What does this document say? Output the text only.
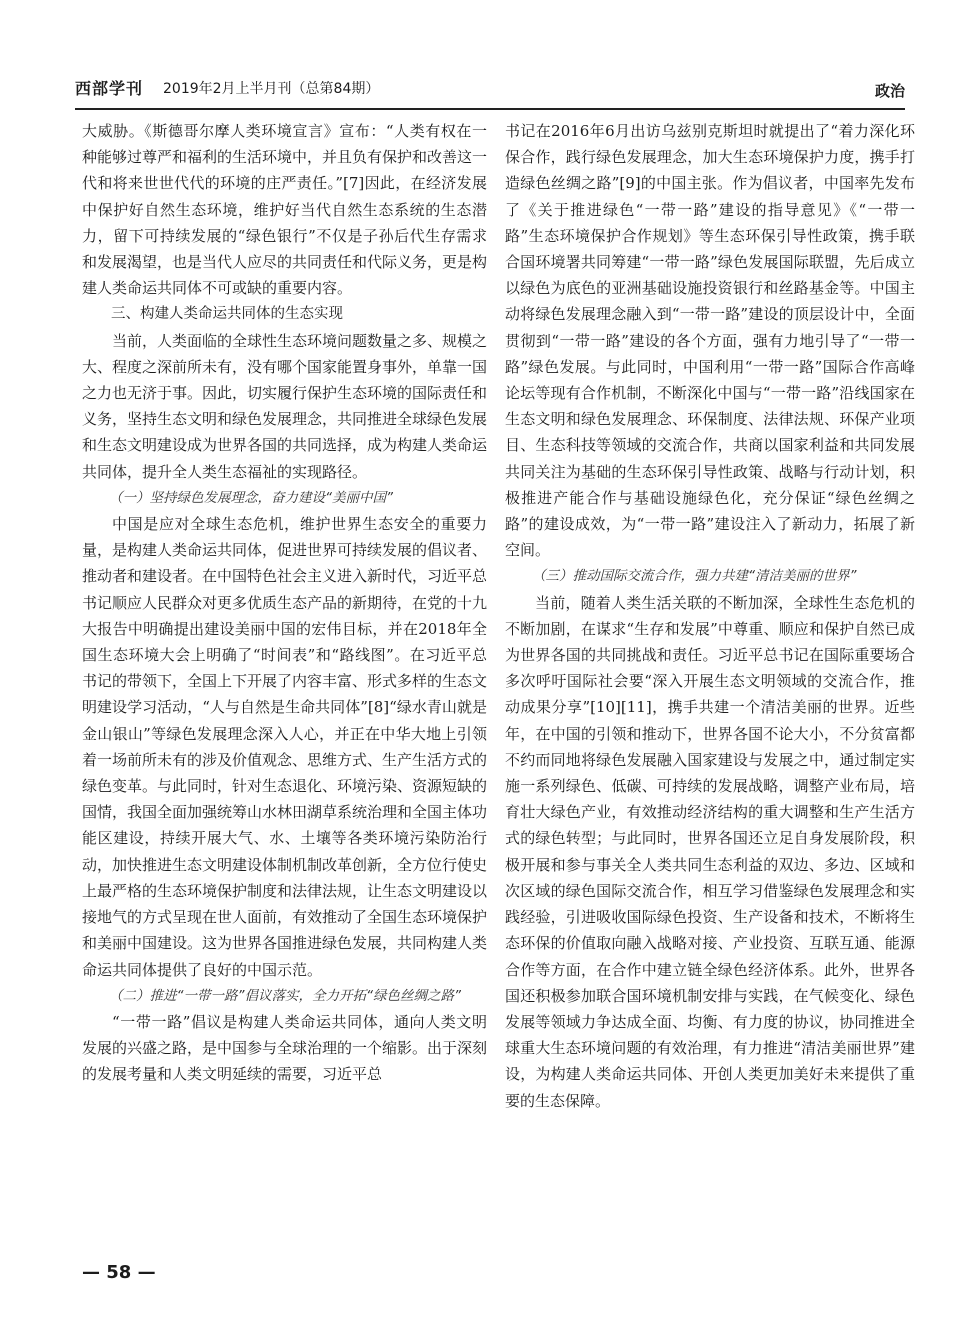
西部学刊 2019年2月上半月刊（总第84期）	政治

大威胁。《斯德哥尔摩人类环境宣言》宣布：“人类有权在一种能够过尊严和福利的生活环境中，并且负有保护和改善这一代和将来世世代代的环境的庄严责任。”[7]因此，在经济发展中保护好自然生态环境，维护好当代自然生态系统的生态潜力，留下可持续发展的“绿色银行”不仅是子孙后代生存需求和发展渴望，也是当代人应尽的共同责任和代际义务，更是构建人类命运共同体不可或缺的重要内容。

三、构建人类命运共同体的生态实现

当前，人类面临的全球性生态环境问题数量之多、规模之大、程度之深前所未有，没有哪个国家能置身事外，单靠一国之力也无济于事。因此，切实履行保护生态环境的国际责任和义务，坚持生态文明和绿色发展理念，共同推进全球绿色发展和生态文明建设成为世界各国的共同选择，成为构建人类命运共同体，提升全人类生态福祉的实现路径。

（一）坚持绿色发展理念，奋力建设“美丽中国”

中国是应对全球生态危机，维护世界生态安全的重要力量，是构建人类命运共同体，促进世界可持续发展的倡议者、推动者和建设者。在中国特色社会主义进入新时代，习近平总书记顺应人民群众对更多优质生态产品的新期待，在党的十九大报告中明确提出建设美丽中国的宏伟目标，并在2018年全国生态环境大会上明确了“时间表”和“路线图”。在习近平总书记的带领下，全国上下开展了内容丰富、形式多样的生态文明建设学习活动，“人与自然是生命共同体”[8]“绿水青山就是金山银山”等绿色发展理念深入人心，并正在中华大地上引领着一场前所未有的涉及价值观念、思维方式、生产生活方式的绿色变革。与此同时，针对生态退化、环境污染、资源短缺的国情，我国全面加强统筹山水林田湖草系统治理和全国主体功能区建设，持续开展大气、水、土壤等各类环境污染防治行动，加快推进生态文明建设体制机制改革创新，全方位行使史上最严格的生态环境保护制度和法律法规，让生态文明建设以接地气的方式呈现在世人面前，有效推动了全国生态环境保护和美丽中国建设。这为世界各国推进绿色发展，共同构建人类命运共同体提供了良好的中国示范。

（二）推进“一带一路”倡议落实，全力开拓“绿色丝绸之路”

“一带一路”倡议是构建人类命运共同体，通向人类文明发展的兴盛之路，是中国参与全球治理的一个缩影。出于深刻的发展考量和人类文明延续的需要，习近平总

书记在2016年6月出访乌兹别克斯坦时就提出了“着力深化环保合作，践行绿色发展理念，加大生态环境保护力度，携手打造绿色丝绸之路”[9]的中国主张。作为倡议者，中国率先发布了《关于推进绿色“一带一路”建设的指导意见》《“一带一路”生态环境保护合作规划》等生态环保引导性政策，携手联合国环境署共同筹建“一带一路”绿色发展国际联盟，先后成立以绿色为底色的亚洲基础设施投资银行和丝路基金等。中国主动将绿色发展理念融入到“一带一路”建设的顶层设计中，全面贯彻到“一带一路”建设的各个方面，强有力地引导了“一带一路”绿色发展。与此同时，中国利用“一带一路”国际合作高峰论坛等现有合作机制，不断深化中国与“一带一路”沿线国家在生态文明和绿色发展理念、环保制度、法律法规、环保产业项目、生态科技等领域的交流合作，共商以国家利益和共同发展共同关注为基础的生态环保引导性政策、战略与行动计划，积极推进产能合作与基础设施绿色化，充分保证“绿色丝绸之路”的建设成效，为“一带一路”建设注入了新动力，拓展了新空间。

（三）推动国际交流合作，强力共建“清洁美丽的世界”

当前，随着人类生活关联的不断加深，全球性生态危机的不断加剧，在谋求“生存和发展”中尊重、顺应和保护自然已成为世界各国的共同挑战和责任。习近平总书记在国际重要场合多次呼吁国际社会要“深入开展生态文明领域的交流合作，推动成果分享”[10][11]，携手共建一个清洁美丽的世界。近些年，在中国的引领和推动下，世界各国不论大小，不分贫富都不约而同地将绿色发展融入国家建设与发展之中，通过制定实施一系列绿色、低碳、可持续的发展战略，调整产业布局，培育壮大绿色产业，有效推动经济结构的重大调整和生产生活方式的绿色转型；与此同时，世界各国还立足自身发展阶段，积极开展和参与事关全人类共同生态利益的双边、多边、区域和次区域的绿色国际交流合作，相互学习借鉴绿色发展理念和实践经验，引进吸收国际绿色投资、生产设备和技术，不断将生态环保的价值取向融入战略对接、产业投资、互联互通、能源合作等方面，在合作中建立链全绿色经济体系。此外，世界各国还积极参加联合国环境机制安排与实践，在气候变化、绿色发展等领域力争达成全面、均衡、有力度的协议，协同推进全球重大生态环境问题的有效治理，有力推进“清洁美丽世界”建设，为构建人类命运共同体、开创人类更加美好未来提供了重要的生态保障。

— 58 —
